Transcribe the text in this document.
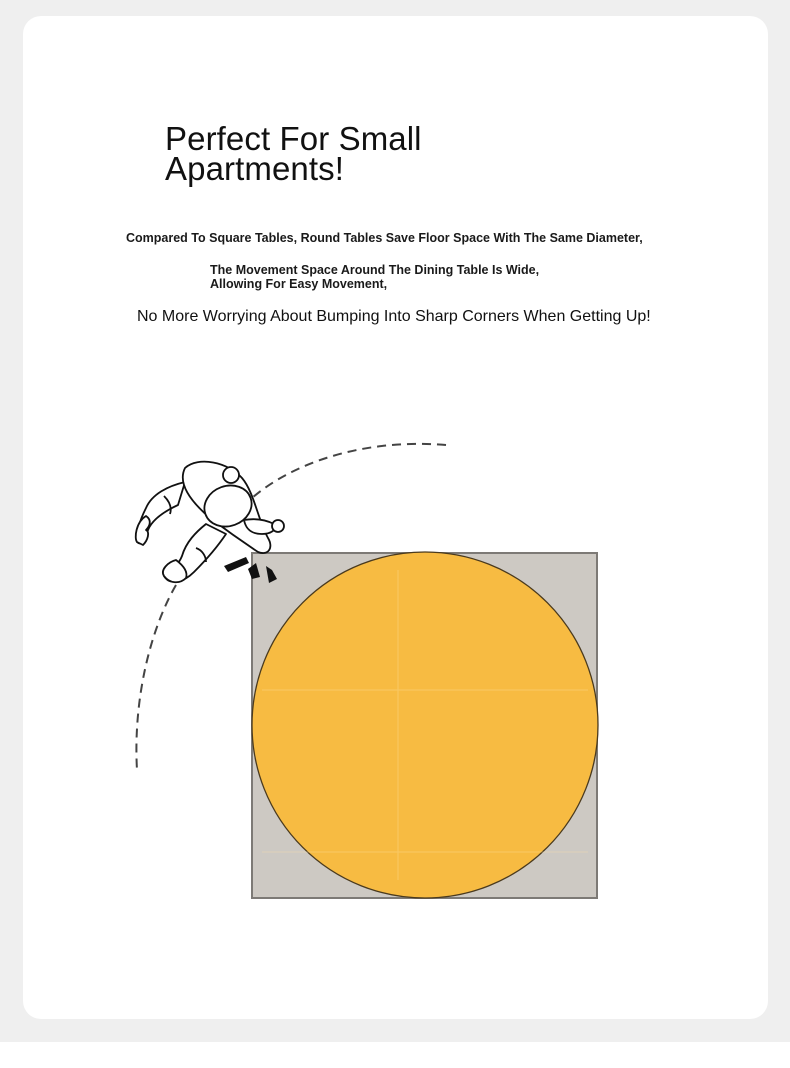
Perfect For Small
Apartments!

Compared To Square Tables, Round Tables Save Floor Space With The Same Diameter,

The Movement Space Around The Dining Table Is Wide,

Allowing For Easy Movement,

No More Worrying About Bumping Into Sharp Corners When Getting Up!
